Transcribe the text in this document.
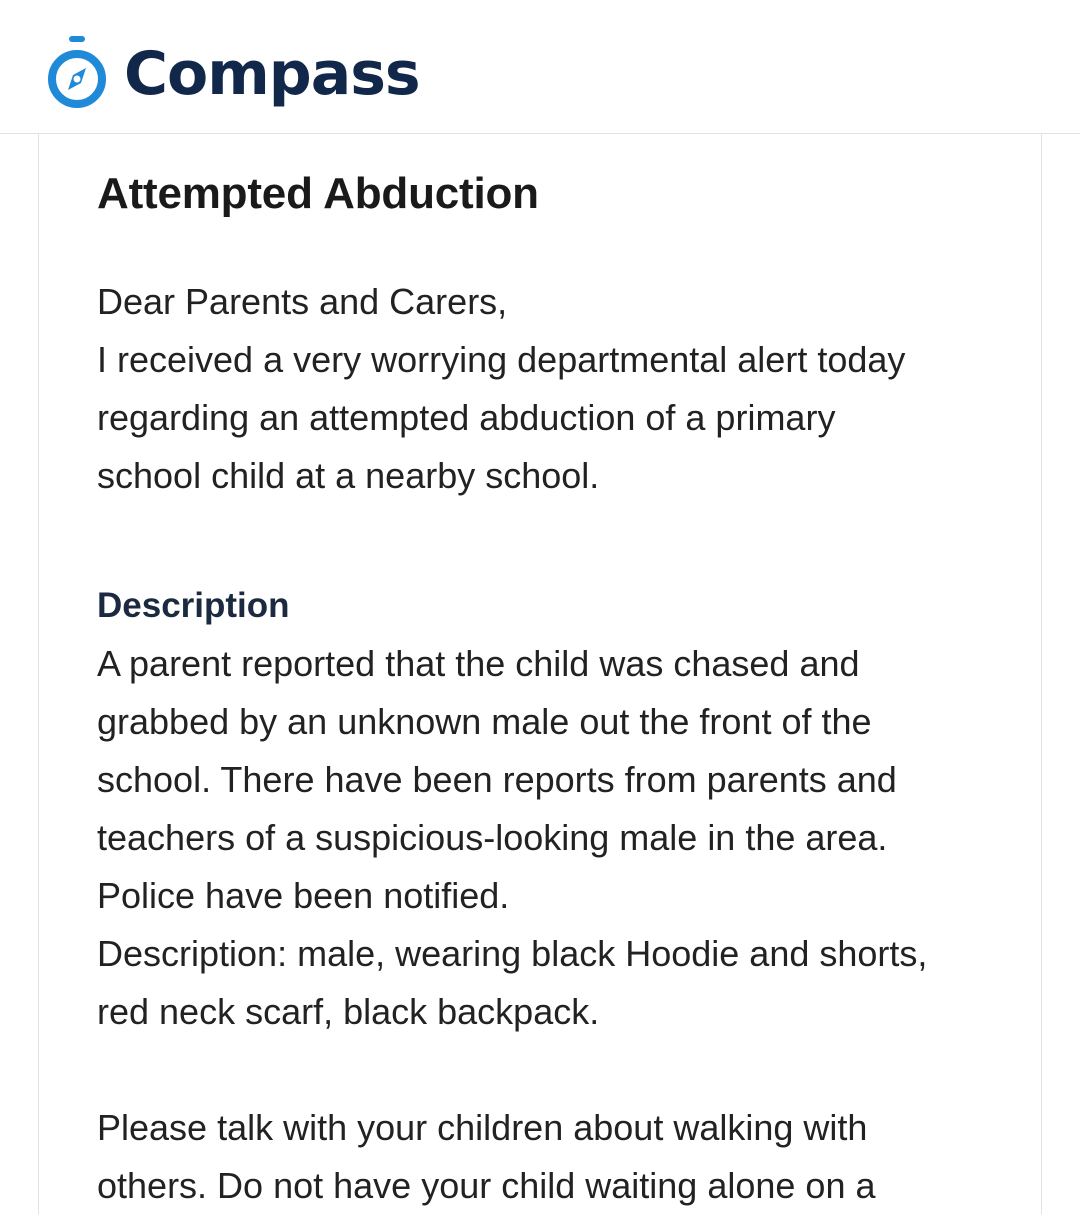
Compass
Attempted Abduction

Dear Parents and Carers,
I received a very worrying departmental alert today
regarding an attempted abduction of a primary
school child at a nearby school.

Description
A parent reported that the child was chased and
grabbed by an unknown male out the front of the
school. There have been reports from parents and
teachers of a suspicious-looking male in the area.
Police have been notified.
Description: male, wearing black Hoodie and shorts,
red neck scarf, black backpack.

Please talk with your children about walking with
others. Do not have your child waiting alone on a
